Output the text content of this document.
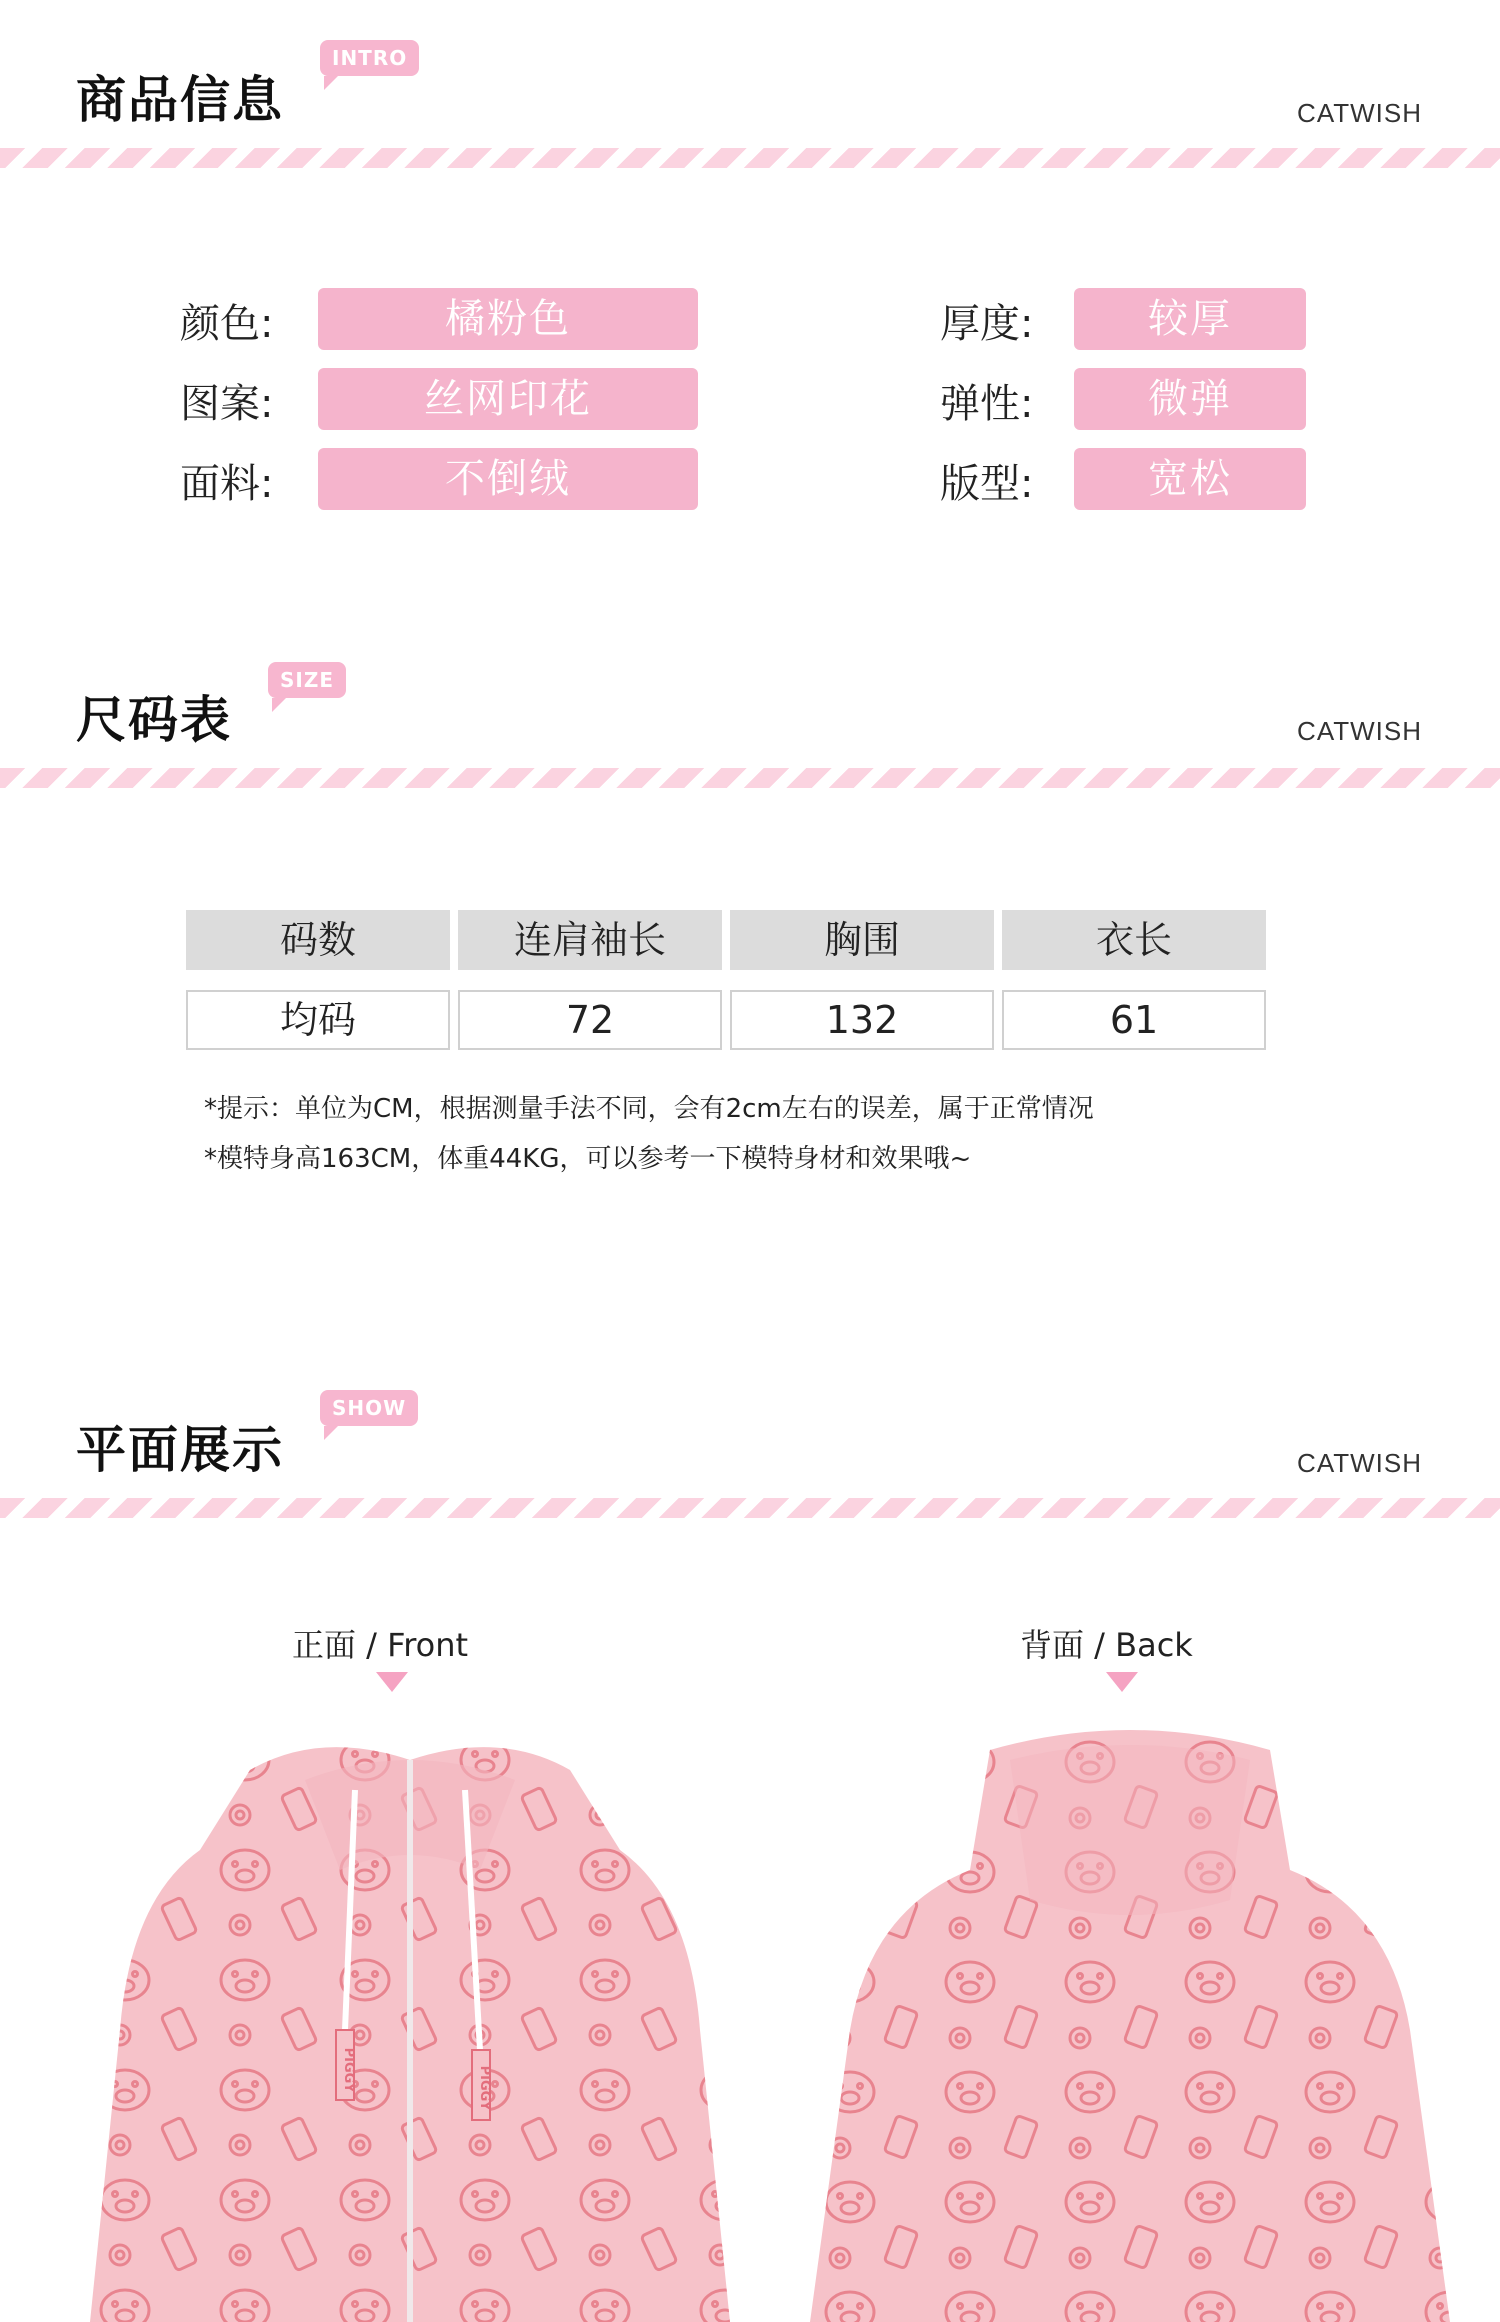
商品信息
INTRO
CATWISH
颜色:	橘粉色
图案:	丝网印花
面料:	不倒绒
厚度:	较厚
弹性:	微弹
版型:	宽松
尺码表
SIZE
CATWISH
码数	连肩袖长	胸围	衣长
均码	72	132	61
*提示：单位为CM，根据测量手法不同，会有2cm左右的误差，属于正常情况
*模特身高163CM，体重44KG，可以参考一下模特身材和效果哦~
平面展示
SHOW
CATWISH
正面 / Front	背面 / Back
PIGGY	PIGGY
